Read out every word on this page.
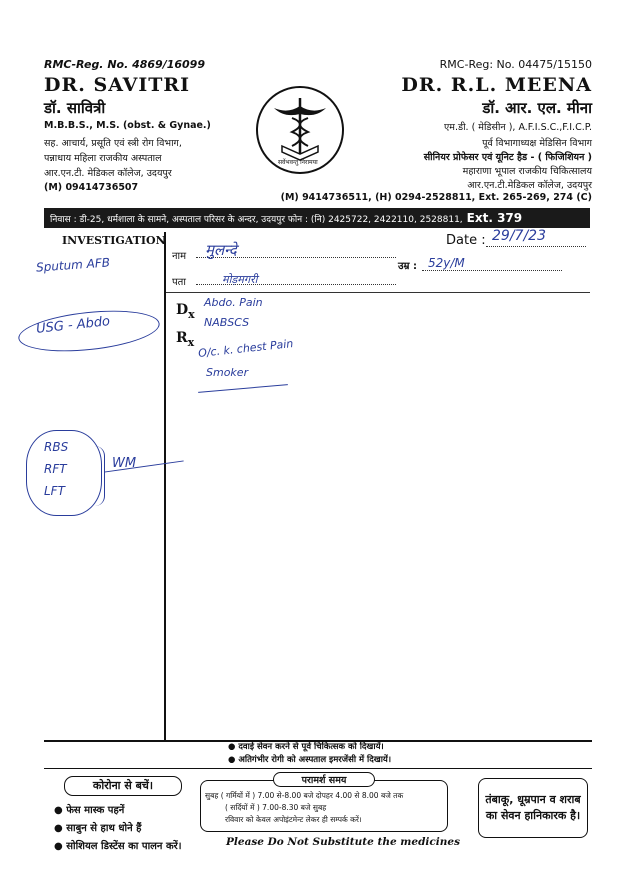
RMC-Reg. No. 4869/16099
DR. SAVITRI
डॉ. सावित्री
M.B.B.S., M.S. (obst. & Gynae.)
सह. आचार्य, प्रसूति एवं स्त्री रोग विभाग,
पन्नाधाय महिला राजकीय अस्पताल
आर.एन.टी. मेडिकल कॉलेज, उदयपुर
(M) 09414736507
सर्वेभवन्तु निरामया
RMC-Reg: No. 04475/15150
DR. R.L. MEENA
डॉ. आर. एल. मीना
एम.डी. ( मेडिसीन ), A.F.I.S.C.,F.I.C.P.
पूर्व विभागाध्यक्ष मेडिसिन विभाग
सीनियर प्रोफेसर एवं यूनिट हैड - ( फिजिशियन )
महाराणा भूपाल राजकीय चिकित्सालय
आर.एन.टी.मेडिकल कॉलेज, उदयपुर
(M) 9414736511, (H) 0294-2528811, Ext. 265-269, 274 (C)
निवास : डी-25, धर्मशाला के सामने, अस्पताल परिसर के अन्दर, उदयपुर फोन : (नि) 2425722, 2422110, 2528811, Ext. 379
INVESTIGATION
नाम मुलन्दे
पता	मोड़मगरी
Date : 29/7/23
उम्र : 52y/M
$D_x$
$R_x$
Abdo. Pain
NABSCS
O/c. k. chest Pain
Smoker
Sputum AFB
USG - Abdo
RBS
RFT
LFT
WM
● दवाई सेवन करने से पूर्व चिकित्सक को दिखायें।
● अतिगंभीर रोगी को अस्पताल इमरजेंसी में दिखायें।
कोरोना से बचें।
● फेस मास्क पहनें
● साबुन से हाथ धोने हैं
● सोशियल डिस्टेंस का पालन करें।
परामर्श समय
सुबह ( गर्मियों में ) 7.00 से-8.00 बजे दोपहर 4.00 से 8.00 बजे तक
( सर्दियों में ) 7.00-8.30 बजे सुबह
रविवार को केवल अपोइंटमेन्ट लेकर ही सम्पर्क करें।
Please Do Not Substitute the medicines
तंबाकू, धूम्रपान व शराब का सेवन हानिकारक है।
